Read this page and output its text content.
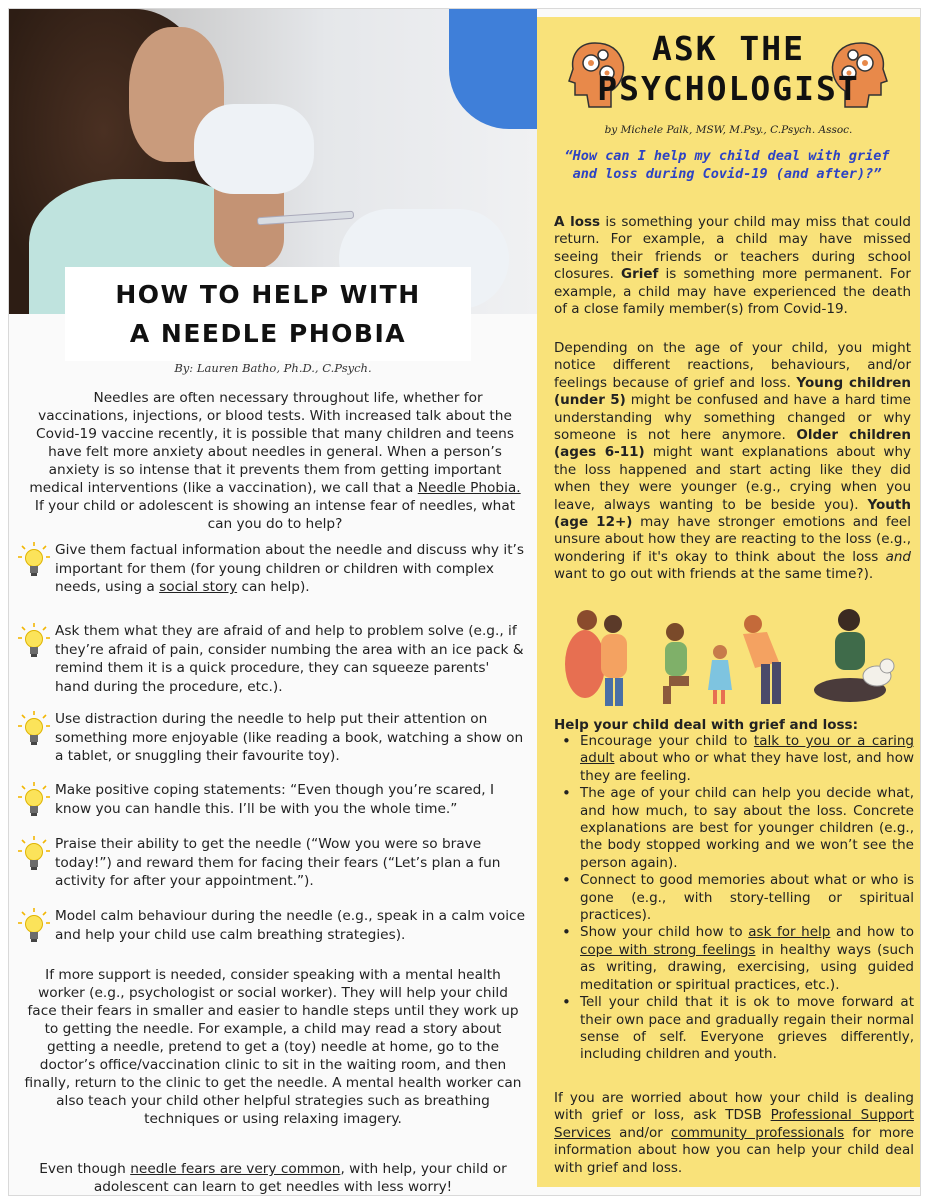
HOW TO HELP WITH
A NEEDLE PHOBIA
By: Lauren Batho, Ph.D., C.Psych.
Needles are often necessary throughout life, whether for vaccinations, injections, or blood tests. With increased talk about the Covid-19 vaccine recently, it is possible that many children and teens have felt more anxiety about needles in general. When a person’s anxiety is so intense that it prevents them from getting important medical interventions (like a vaccination), we call that a Needle Phobia. If your child or adolescent is showing an intense fear of needles, what can you do to help?
Give them factual information about the needle and discuss why it’s important for them (for young children or children with complex needs, using a social story can help).
Ask them what they are afraid of and help to problem solve (e.g., if they’re afraid of pain, consider numbing the area with an ice pack & remind them it is a quick procedure, they can squeeze parents' hand during the procedure, etc.).
Use distraction during the needle to help put their attention on something more enjoyable (like reading a book, watching a show on a tablet, or snuggling their favourite toy).
Make positive coping statements: “Even though you’re scared, I know you can handle this. I’ll be with you the whole time.”
Praise their ability to get the needle (“Wow you were so brave today!”) and reward them for facing their fears (“Let’s plan a fun activity for after your appointment.”).
Model calm behaviour during the needle (e.g., speak in a calm voice and help your child use calm breathing strategies).
If more support is needed, consider speaking with a mental health worker (e.g., psychologist or social worker). They will help your child face their fears in smaller and easier to handle steps until they work up to getting the needle. For example, a child may read a story about getting a needle, pretend to get a (toy) needle at home, go to the doctor’s office/vaccination clinic to sit in the waiting room, and then finally, return to the clinic to get the needle. A mental health worker can also teach your child other helpful strategies such as breathing techniques or using relaxing imagery.
Even though needle fears are very common, with help, your child or adolescent can learn to get needles with less worry!
ASK THE
PSYCHOLOGIST
by Michele Palk, MSW, M.Psy., C.Psych. Assoc.
“How can I help my child deal with grief and loss during Covid-19 (and after)?”
A loss is something your child may miss that could return. For example, a child may have missed seeing their friends or teachers during school closures. Grief is something more permanent. For example, a child may have experienced the death of a close family member(s) from Covid-19.
Depending on the age of your child, you might notice different reactions, behaviours, and/or feelings because of grief and loss. Young children (under 5) might be confused and have a hard time understanding why something changed or why someone is not here anymore. Older children (ages 6-11) might want explanations about why the loss happened and start acting like they did when they were younger (e.g., crying when you leave, always wanting to be beside you). Youth (age 12+) may have stronger emotions and feel unsure about how they are reacting to the loss (e.g., wondering if it's okay to think about the loss and want to go out with friends at the same time?).
Help your child deal with grief and loss:
• Encourage your child to talk to you or a caring adult about who or what they have lost, and how they are feeling.
• The age of your child can help you decide what, and how much, to say about the loss. Concrete explanations are best for younger children (e.g., the body stopped working and we won’t see the person again).
• Connect to good memories about what or who is gone (e.g., with story-telling or spiritual practices).
• Show your child how to ask for help and how to cope with strong feelings in healthy ways (such as writing, drawing, exercising, using guided meditation or spiritual practices, etc.).
• Tell your child that it is ok to move forward at their own pace and gradually regain their normal sense of self. Everyone grieves differently, including children and youth.
If you are worried about how your child is dealing with grief or loss, ask TDSB Professional Support Services and/or community professionals for more information about how you can help your child deal with grief and loss.
